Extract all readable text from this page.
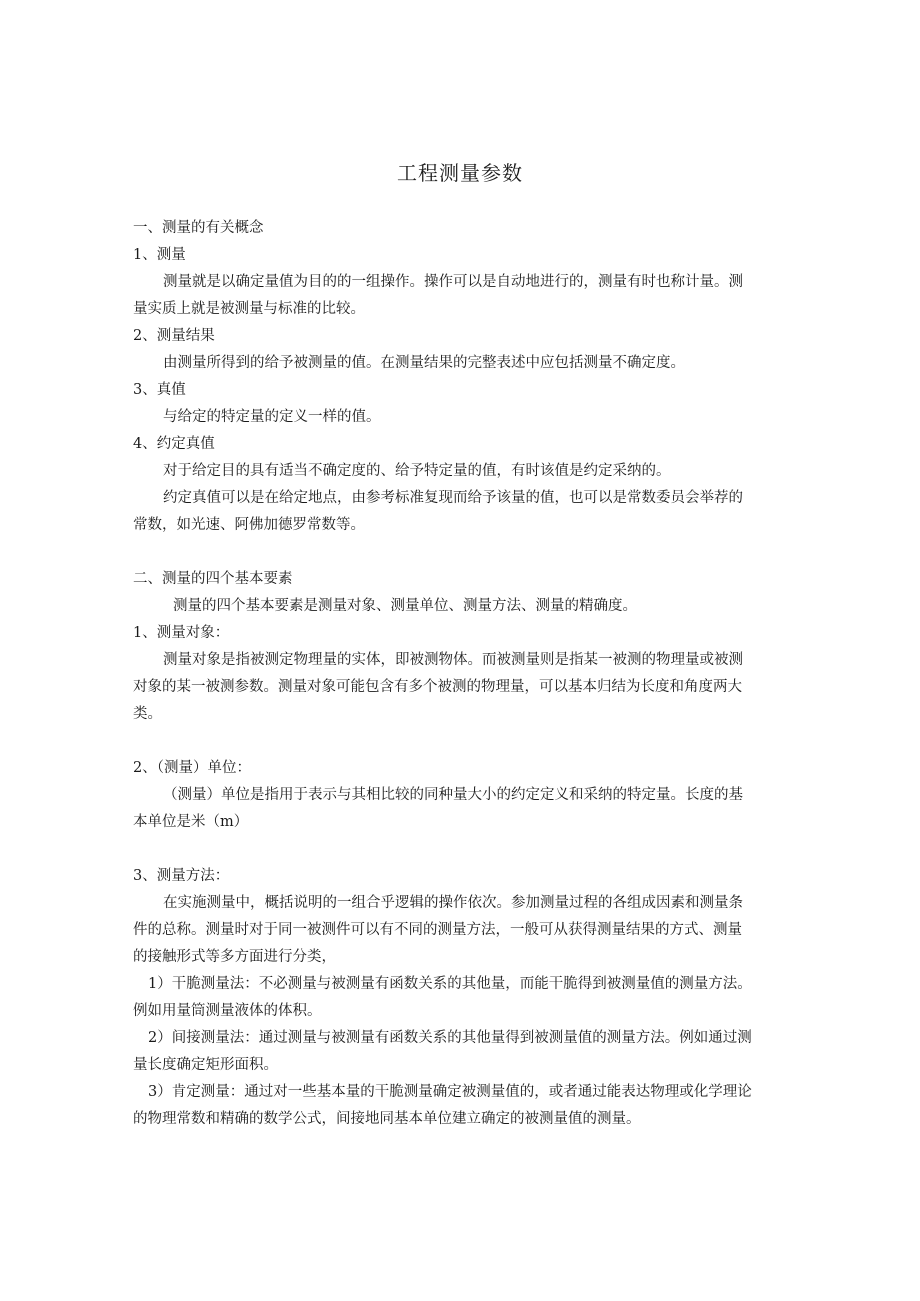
工程测量参数
一、测量的有关概念
1、测量
测量就是以确定量值为目的的一组操作。操作可以是自动地进行的，测量有时也称计量。测
量实质上就是被测量与标准的比较。
2、测量结果
由测量所得到的给予被测量的值。在测量结果的完整表述中应包括测量不确定度。
3、真值
与给定的特定量的定义一样的值。
4、约定真值
对于给定目的具有适当不确定度的、给予特定量的值，有时该值是约定采纳的。
约定真值可以是在给定地点，由参考标准复现而给予该量的值，也可以是常数委员会举荐的
常数，如光速、阿佛加德罗常数等。
二、测量的四个基本要素
测量的四个基本要素是测量对象、测量单位、测量方法、测量的精确度。
1、测量对象：
测量对象是指被测定物理量的实体，即被测物体。而被测量则是指某一被测的物理量或被测
对象的某一被测参数。测量对象可能包含有多个被测的物理量，可以基本归结为长度和角度两大
类。
2、（测量）单位：
（测量）单位是指用于表示与其相比较的同种量大小的约定定义和采纳的特定量。长度的基
本单位是米（m）
3、测量方法：
在实施测量中，概括说明的一组合乎逻辑的操作依次。参加测量过程的各组成因素和测量条
件的总称。测量时对于同一被测件可以有不同的测量方法，一般可从获得测量结果的方式、测量
的接触形式等多方面进行分类，
1）干脆测量法：不必测量与被测量有函数关系的其他量，而能干脆得到被测量值的测量方法。
例如用量筒测量液体的体积。
2）间接测量法：通过测量与被测量有函数关系的其他量得到被测量值的测量方法。例如通过测
量长度确定矩形面积。
3）肯定测量：通过对一些基本量的干脆测量确定被测量值的，或者通过能表达物理或化学理论
的物理常数和精确的数学公式，间接地同基本单位建立确定的被测量值的测量。
